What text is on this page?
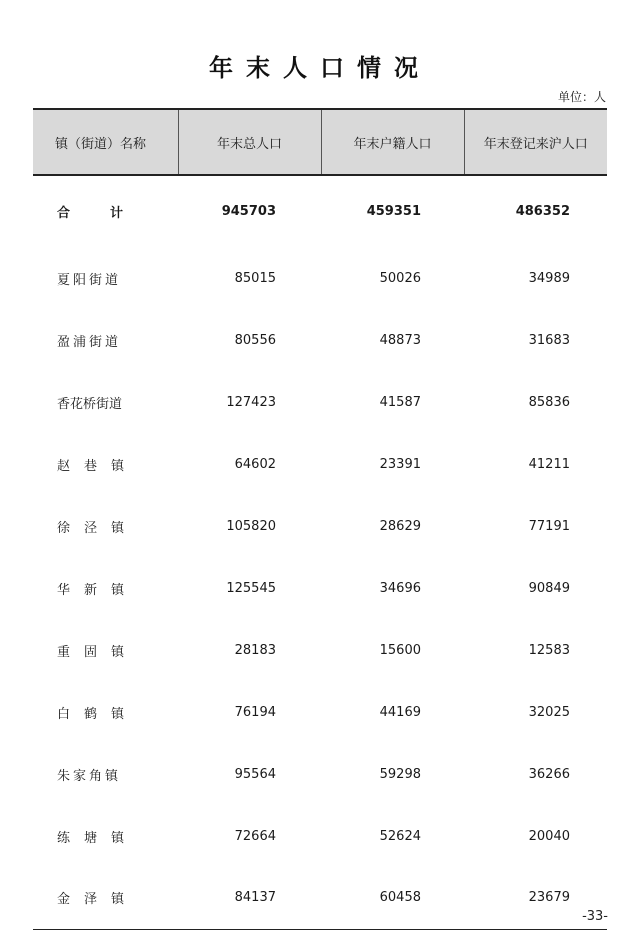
年末人口情况
单位：人
镇（街道）名称	年末总人口	年末户籍人口	年末登记来沪人口
合计	945703	459351	486352
夏阳街道	85015	50026	34989
盈浦街道	80556	48873	31683
香花桥街道	127423	41587	85836
赵巷镇	64602	23391	41211
徐泾镇	105820	28629	77191
华新镇	125545	34696	90849
重固镇	28183	15600	12583
白鹤镇	76194	44169	32025
朱家角镇	95564	59298	36266
练塘镇	72664	52624	20040
金泽镇	84137	60458	23679
-33-
